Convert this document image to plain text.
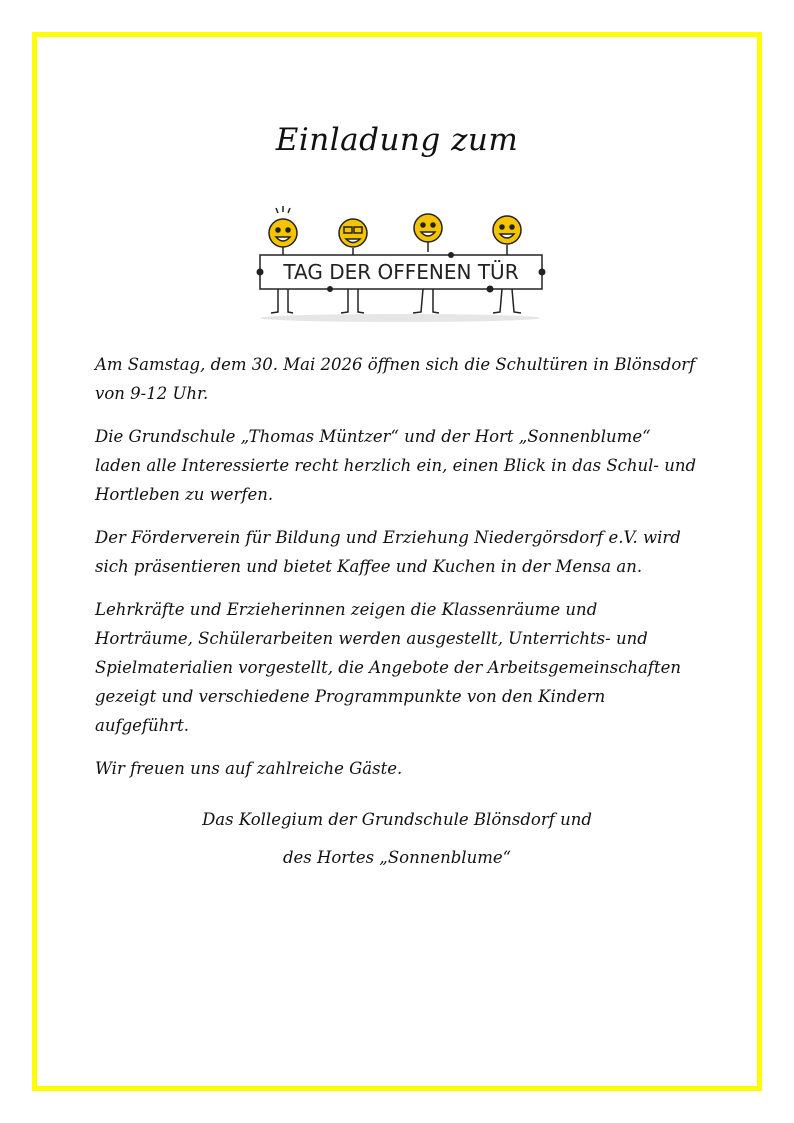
Einladung zum
TAG DER OFFENEN TÜR

Am Samstag, dem 30. Mai 2026 öffnen sich die Schultüren in Blönsdorf von 9-12 Uhr.

Die Grundschule „Thomas Müntzer“ und der Hort „Sonnenblume“ laden alle Interessierte recht herzlich ein, einen Blick in das Schul- und Hortleben zu werfen.

Der Förderverein für Bildung und Erziehung Niedergörsdorf e.V. wird sich präsentieren und bietet Kaffee und Kuchen in der Mensa an.

Lehrkräfte und Erzieherinnen zeigen die Klassenräume und Horträume, Schülerarbeiten werden ausgestellt, Unterrichts- und Spielmaterialien vorgestellt, die Angebote der Arbeitsgemeinschaften gezeigt und verschiedene Programmpunkte von den Kindern aufgeführt.

Wir freuen uns auf zahlreiche Gäste.

Das Kollegium der Grundschule Blönsdorf und
des Hortes „Sonnenblume“
